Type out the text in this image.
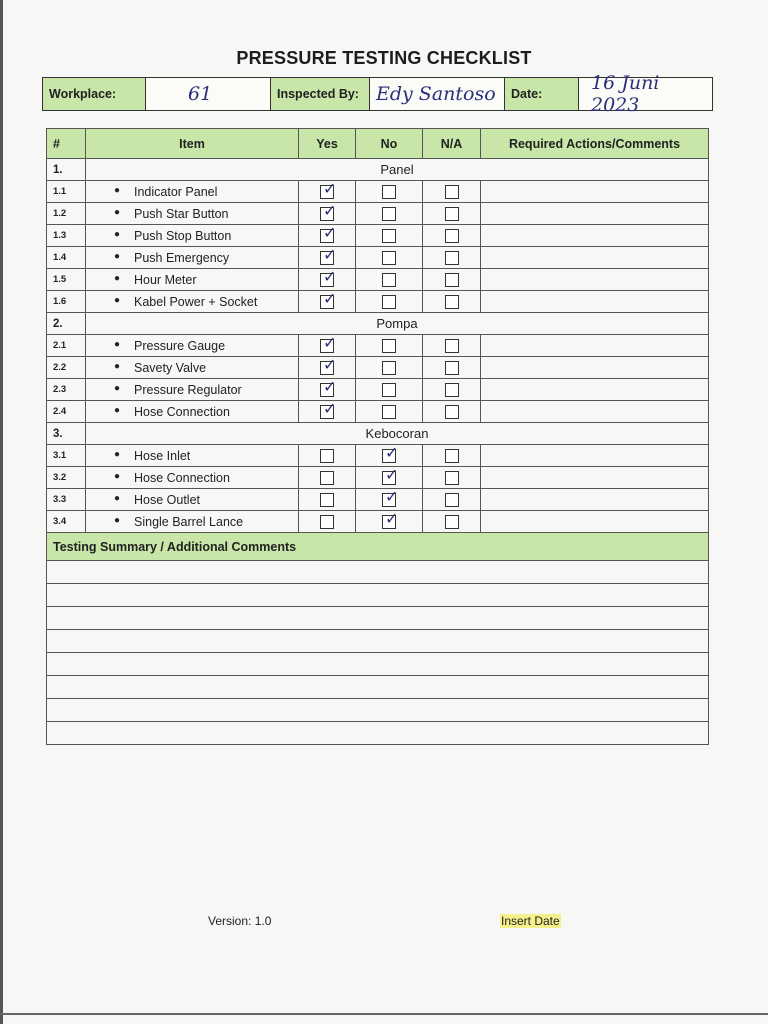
PRESSURE TESTING CHECKLIST
Workplace:	61	Inspected By: Edy Santoso	Date:	16 Juni 2023
#	Item	Yes	No	N/A	Required Actions/Comments
1.	Panel				
1.1	● Indicator Panel	✓			

1.2	● Push Star Button	✓			

1.3	● Push Stop Button	✓			

1.4	● Push Emergency	✓			

1.5	● Hour Meter	✓			

1.6	● Kabel Power + Socket	✓			

2.	Pompa				
2.1	● Pressure Gauge	✓			

2.2	● Savety Valve	✓			

2.3	● Pressure Regulator	✓			

2.4	● Hose Connection	✓			

3.	Kebocoran				
3.1	● Hose Inlet		✓		

3.2	● Hose Connection		✓		

3.3	● Hose Outlet		✓		

3.4	● Single Barrel Lance		✓		

Testing Summary / Additional Comments					

Version: 1.0	Insert Date
